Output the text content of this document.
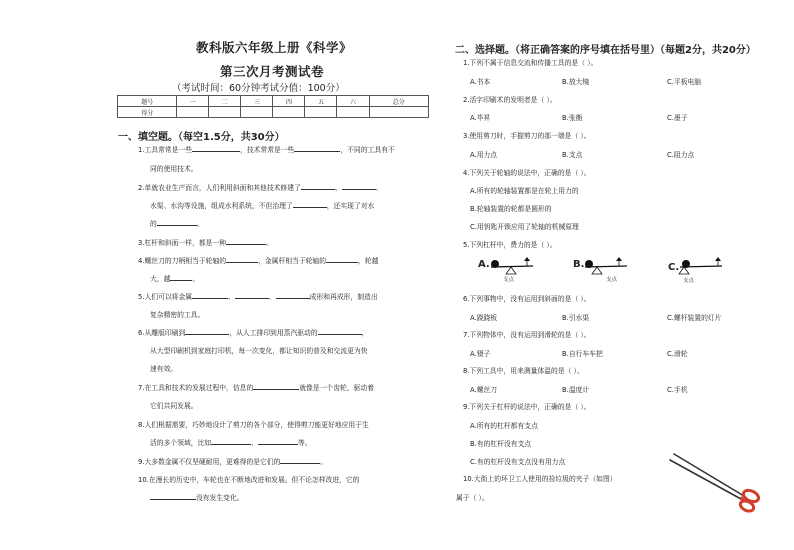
教科版六年级上册《科学》
第三次月考测试卷
（考试时间：60分钟考试分值：100分）
题号	一	二	三	四	五	六	总分
得分							
一、填空题。（每空1.5分，共30分）
1.工具常常是一些	，技术常常是一些	，不同的工具有不
同的使用技术。
2.单就农业生产而言，人们利用斜面和其他技术修建了	、	、
水渠、水沟等设施，组成水利系统，不但治理了	，还实现了对水
的	。
3.杠杆和斜面一样，都是一种	。
4.螺丝刀的刀柄相当于轮轴的	，金属杆相当于轮轴的	，轮越
大，越	。
5.人们可以将金属	、	、	成形和再成形，制造出
复杂精密的工具。
6.从雕版印刷到	，从人工排印到用蒸汽驱动的	，
从大型印刷机到家庭打印机，每一次变化，都让知识的普及和交流更为快
速有效。
7.在工具和技术的发展过程中，信息的	就像是一个齿轮，驱动着
它们共同发展。
8.人们根据需要，巧妙地设计了剪刀的各个部分，使得剪刀能更好地应用于生
活的多个领域，比如	、	等。
9.大多数金属不仅坚硬耐用，更难得的是它们的	。
10.在漫长的历史中，车轮也在不断地改进和发展。但不论怎样改进，它的
没有发生变化。
二、选择题。（将正确答案的序号填在括号里）（每题2分，共20分）
1.下列不属于信息交流和传播工具的是（ ）。
A.书本	B.放大镜	C.平板电脑
2.活字印刷术的发明者是（ ）。
A.毕昇	B.张衡	C.墨子
3.使用剪刀时，手握剪刀的那一端是（ ）。
A.用力点	B.支点	C.阻力点
4.下列关于轮轴的说法中，正确的是（ ）。
A.所有的轮轴装置都是在轮上用力的
B.轮轴装置的轮都是圆形的
C.用钥匙开锁应用了轮轴的机械原理
5.下列杠杆中，费力的是（ ）。
A.
支点
B.
支点
C.
支点
6.下列事物中，没有运用到斜面的是（ ）。
A.跷跷板	B.引水渠	C.螺杆装置的灯片
7.下列物体中，没有运用到滑轮的是（ ）。
A.镊子	B.自行车车把	C.滑轮
8.下列工具中，用来测量体温的是（ ）。
A.螺丝刀	B.温度计	C.手机
9.下列关于杠杆的说法中，正确的是（ ）。
A.所有的杠杆都有支点
B.有的杠杆没有支点
C.有的杠杆没有支点没有用力点
10.大街上的环卫工人使用的捡垃圾的夹子（如图）
属于（ ）。
